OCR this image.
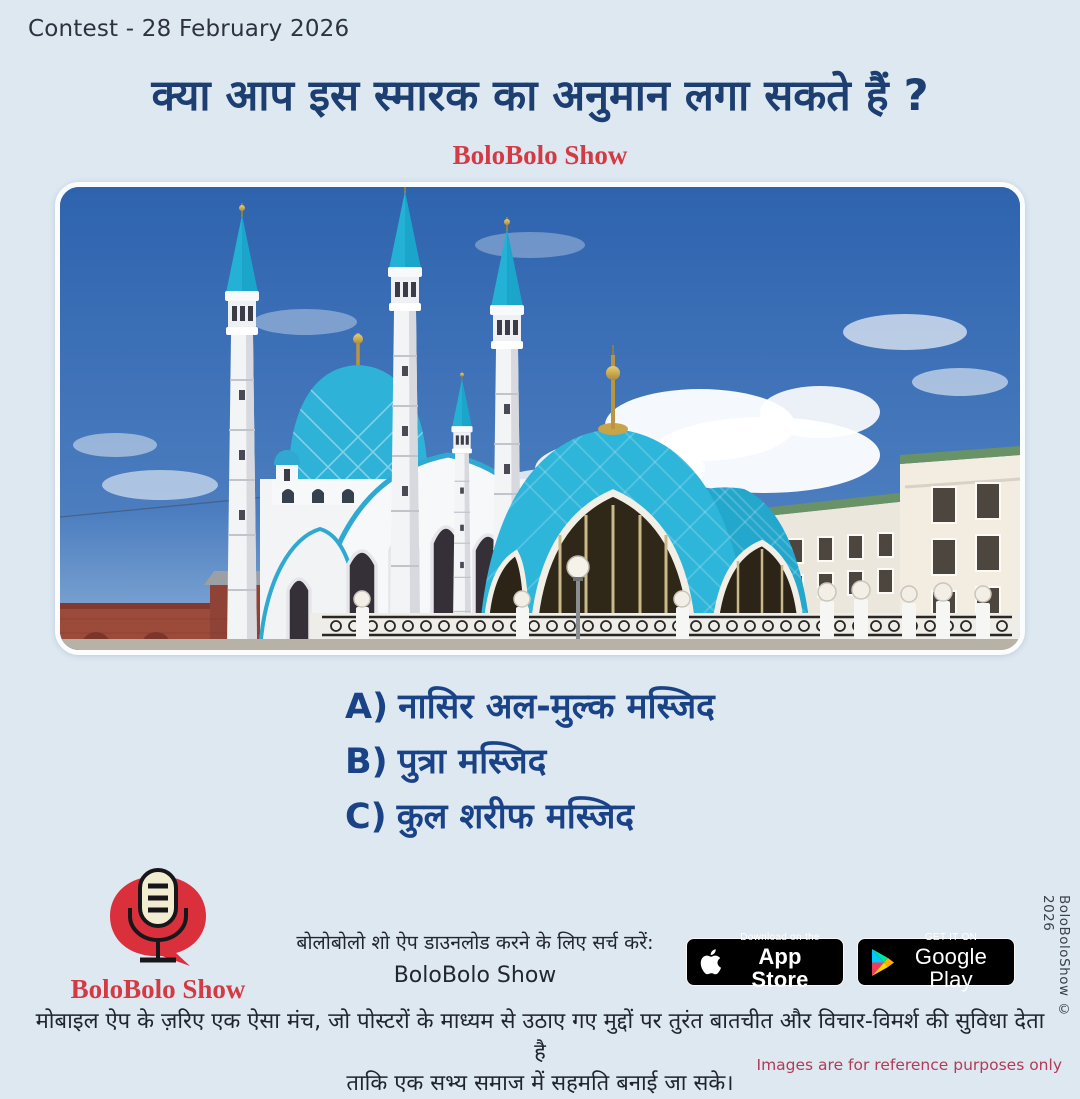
Contest - 28 February 2026
क्या आप इस स्मारक का अनुमान लगा सकते हैं ?
BoloBolo Show
A) नासिर अल-मुल्क मस्जिद
B) पुत्रा मस्जिद
C) कुल शरीफ मस्जिद
BoloBolo Show
बोलोबोलो शो ऐप डाउनलोड करने के लिए सर्च करें:
BoloBolo Show
Download on the
App Store
GET IT ON
Google Play
मोबाइल ऐप के ज़रिए एक ऐसा मंच, जो पोस्टरों के माध्यम से उठाए गए मुद्दों पर तुरंत बातचीत और विचार-विमर्श की सुविधा देता है
ताकि एक सभ्य समाज में सहमति बनाई जा सके।
BoloBoloShow © 2026
Images are for reference purposes only
